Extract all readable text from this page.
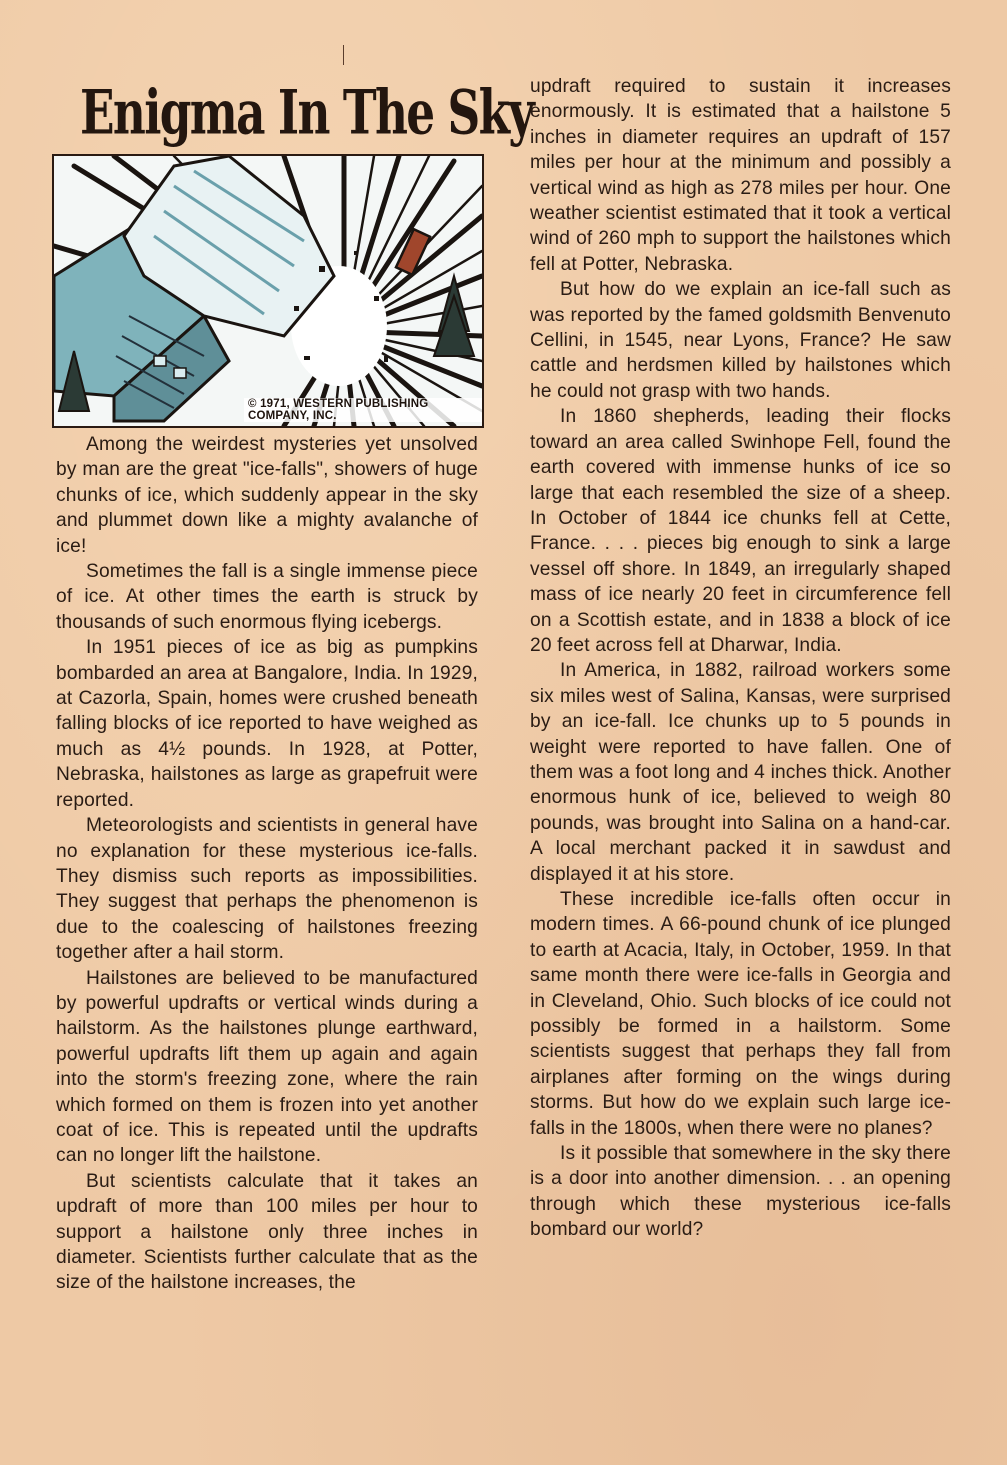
Enigma In The Sky
© 1971, WESTERN PUBLISHING COMPANY, INC.

Among the weirdest mysteries yet unsolved by man are the great "ice-falls", showers of huge chunks of ice, which suddenly appear in the sky and plummet down like a mighty avalanche of ice!

Sometimes the fall is a single immense piece of ice. At other times the earth is struck by thousands of such enormous flying icebergs.

In 1951 pieces of ice as big as pumpkins bombarded an area at Bangalore, India. In 1929, at Cazorla, Spain, homes were crushed beneath falling blocks of ice reported to have weighed as much as 4½ pounds. In 1928, at Potter, Nebraska, hailstones as large as grapefruit were reported.

Meteorologists and scientists in general have no explanation for these mysterious ice-falls. They dismiss such reports as impossibilities. They suggest that perhaps the phenomenon is due to the coalescing of hailstones freezing together after a hail storm.

Hailstones are believed to be manufactured by powerful updrafts or vertical winds during a hailstorm. As the hailstones plunge earthward, powerful updrafts lift them up again and again into the storm's freezing zone, where the rain which formed on them is frozen into yet another coat of ice. This is repeated until the updrafts can no longer lift the hailstone.

But scientists calculate that it takes an updraft of more than 100 miles per hour to support a hailstone only three inches in diameter. Scientists further calculate that as the size of the hailstone increases, the

updraft required to sustain it increases enormously. It is estimated that a hailstone 5 inches in diameter requires an updraft of 157 miles per hour at the minimum and possibly a vertical wind as high as 278 miles per hour. One weather scientist estimated that it took a vertical wind of 260 mph to support the hailstones which fell at Potter, Nebraska.

But how do we explain an ice-fall such as was reported by the famed goldsmith Benvenuto Cellini, in 1545, near Lyons, France? He saw cattle and herdsmen killed by hailstones which he could not grasp with two hands.

In 1860 shepherds, leading their flocks toward an area called Swinhope Fell, found the earth covered with immense hunks of ice so large that each resembled the size of a sheep. In October of 1844 ice chunks fell at Cette, France. . . . pieces big enough to sink a large vessel off shore. In 1849, an irregularly shaped mass of ice nearly 20 feet in circumference fell on a Scottish estate, and in 1838 a block of ice 20 feet across fell at Dharwar, India.

In America, in 1882, railroad workers some six miles west of Salina, Kansas, were surprised by an ice-fall. Ice chunks up to 5 pounds in weight were reported to have fallen. One of them was a foot long and 4 inches thick. Another enormous hunk of ice, believed to weigh 80 pounds, was brought into Salina on a hand-car. A local merchant packed it in sawdust and displayed it at his store.

These incredible ice-falls often occur in modern times. A 66-pound chunk of ice plunged to earth at Acacia, Italy, in October, 1959. In that same month there were ice-falls in Georgia and in Cleveland, Ohio. Such blocks of ice could not possibly be formed in a hailstorm. Some scientists suggest that perhaps they fall from airplanes after forming on the wings during storms. But how do we explain such large ice-falls in the 1800s, when there were no planes?

Is it possible that somewhere in the sky there is a door into another dimension. . . an opening through which these mysterious ice-falls bombard our world?
